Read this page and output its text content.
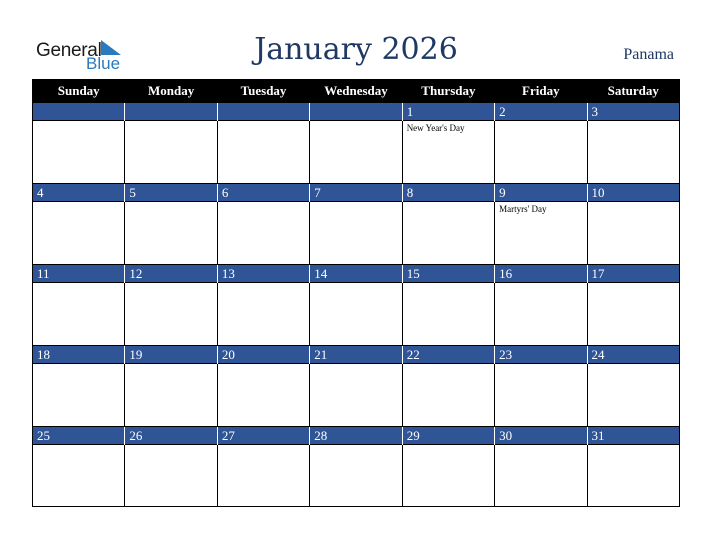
General
Blue	January 2026	Panama
Sunday	Monday	Tuesday	Wednesday	Thursday	Friday	Saturday
				1	2	3

				New Year's Day		

4	5	6	7	8	9	10

					Martyrs' Day	

11	12	13	14	15	16	17

18	19	20	21	22	23	24

25	26	27	28	29	30	31
